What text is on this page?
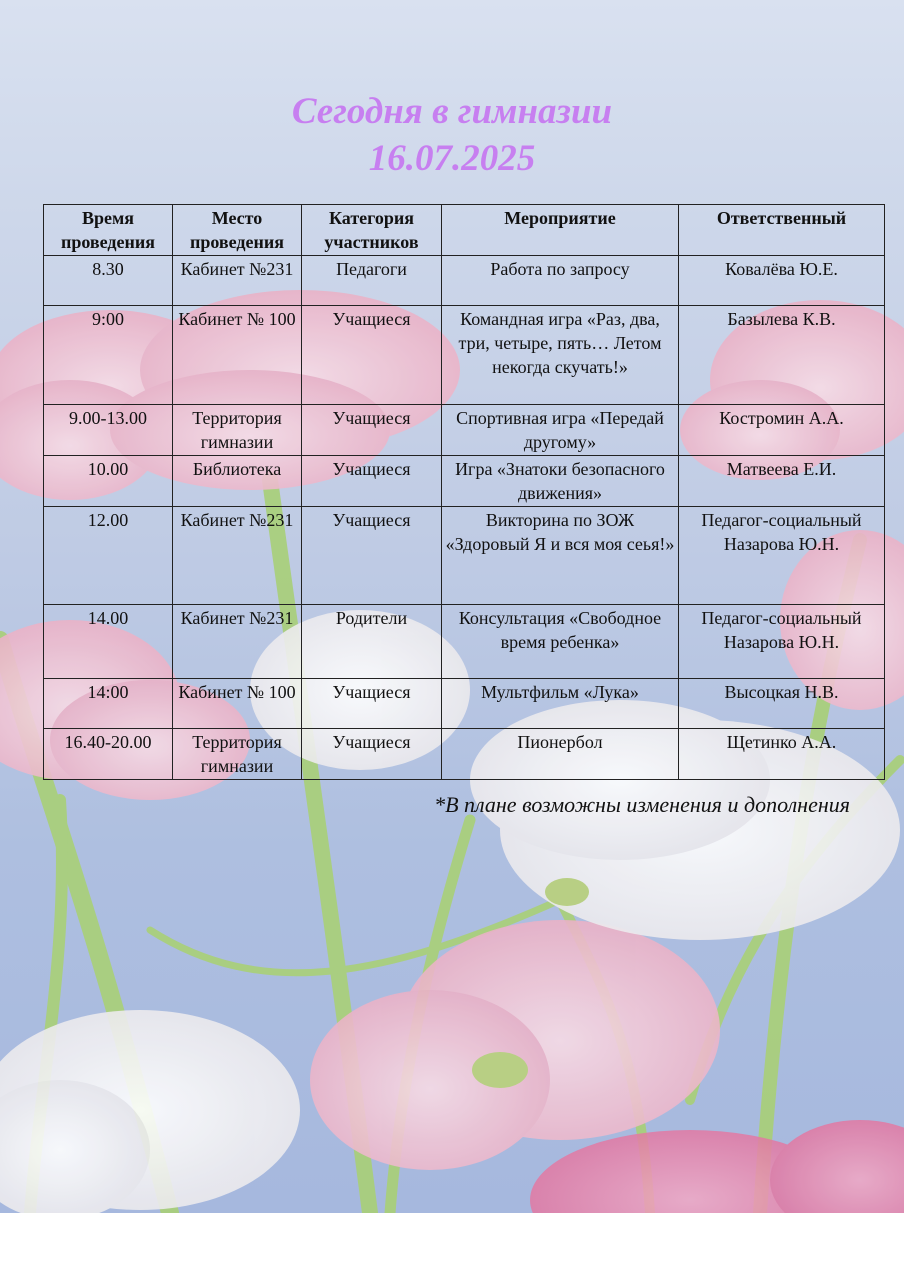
Сегодня в гимназии
16.07.2025
Время проведения	Место проведения	Категория участников	Мероприятие	Ответственный
8.30	Кабинет №231	Педагоги	Работа по запросу	Ковалёва Ю.Е.
9:00	Кабинет № 100	Учащиеся	Командная игра «Раз, два, три, четыре, пять… Летом некогда скучать!»	Базылева К.В.
9.00-13.00	Территория гимназии	Учащиеся	Спортивная игра «Передай другому»	Костромин А.А.
10.00	Библиотека	Учащиеся	Игра «Знатоки безопасного движения»	Матвеева Е.И.
12.00	Кабинет №231	Учащиеся	Викторина по ЗОЖ «Здоровый Я и вся моя сеья!»	Педагог-социальный Назарова Ю.Н.
14.00	Кабинет №231	Родители	Консультация «Свободное время ребенка»	Педагог-социальный Назарова Ю.Н.
14:00	Кабинет № 100	Учащиеся	Мультфильм «Лука»	Высоцкая Н.В.
16.40-20.00	Территория гимназии	Учащиеся	Пионербол	Щетинко А.А.

*В плане возможны изменения и дополнения
